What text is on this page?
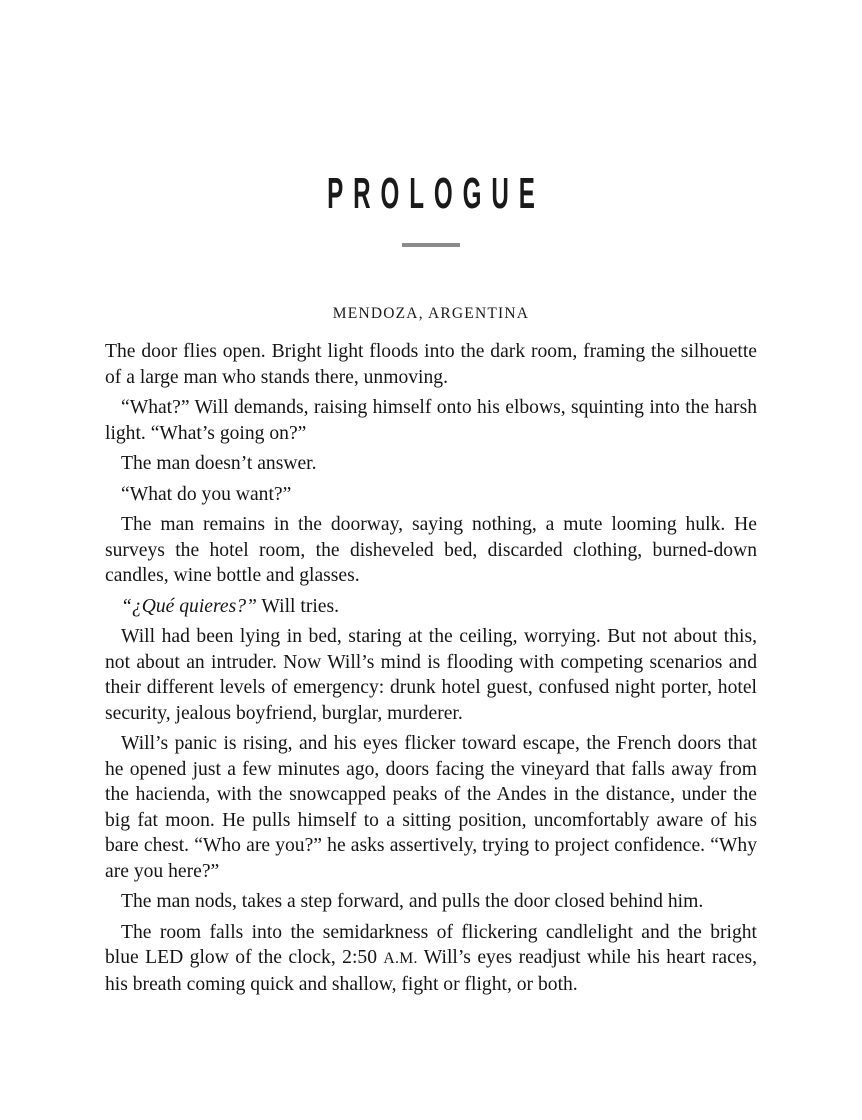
PROLOGUE
MENDOZA, ARGENTINA

The door flies open. Bright light floods into the dark room, framing the silhouette of a large man who stands there, unmoving.

“What?” Will demands, raising himself onto his elbows, squinting into the harsh light. “What’s going on?”

The man doesn’t answer.

“What do you want?”

The man remains in the doorway, saying nothing, a mute looming hulk. He surveys the hotel room, the disheveled bed, discarded clothing, burned-down candles, wine bottle and glasses.

“¿Qué quieres?” Will tries.

Will had been lying in bed, staring at the ceiling, worrying. But not about this, not about an intruder. Now Will’s mind is flooding with competing scenarios and their different levels of emergency: drunk hotel guest, confused night porter, hotel security, jealous boyfriend, burglar, murderer.

Will’s panic is rising, and his eyes flicker toward escape, the French doors that he opened just a few minutes ago, doors facing the vineyard that falls away from the hacienda, with the snowcapped peaks of the Andes in the distance, under the big fat moon. He pulls himself to a sitting position, uncomfortably aware of his bare chest. “Who are you?” he asks assertively, trying to project confidence. “Why are you here?”

The man nods, takes a step forward, and pulls the door closed behind him.

The room falls into the semidarkness of flickering candlelight and the bright blue LED glow of the clock, 2:50 A.M. Will’s eyes readjust while his heart races, his breath coming quick and shallow, fight or flight, or both.
